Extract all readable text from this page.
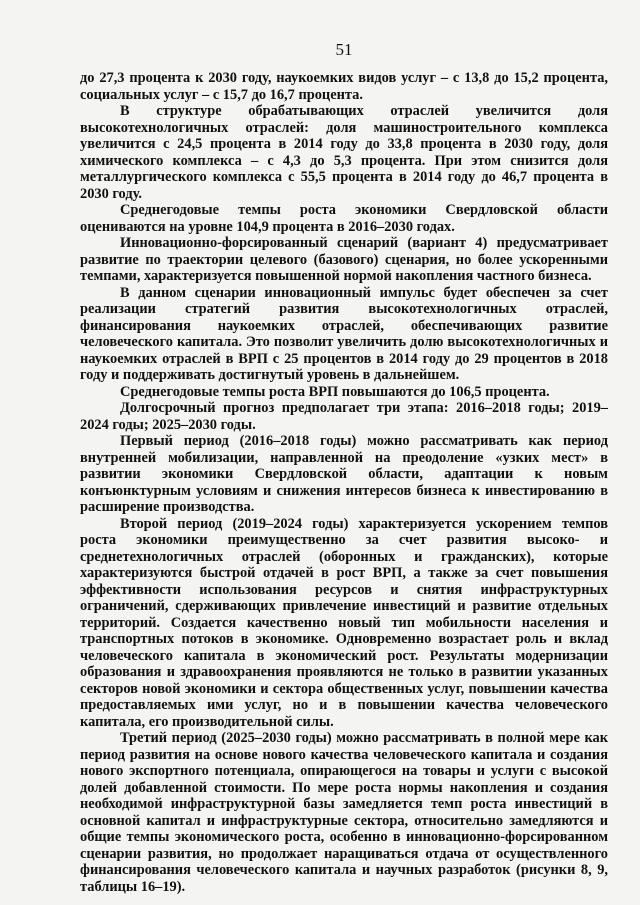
51

до 27,3 процента к 2030 году, наукоемких видов услуг – с 13,8 до 15,2 процента, социальных услуг – с 15,7 до 16,7 процента.

В структуре обрабатывающих отраслей увеличится доля высокотехнологичных отраслей: доля машиностроительного комплекса увеличится с 24,5 процента в 2014 году до 33,8 процента в 2030 году, доля химического комплекса – с 4,3 до 5,3 процента. При этом снизится доля металлургического комплекса с 55,5 процента в 2014 году до 46,7 процента в 2030 году.

Среднегодовые темпы роста экономики Свердловской области оцениваются на уровне 104,9 процента в 2016–2030 годах.

Инновационно-форсированный сценарий (вариант 4) предусматривает развитие по траектории целевого (базового) сценария, но более ускоренными темпами, характеризуется повышенной нормой накопления частного бизнеса.

В данном сценарии инновационный импульс будет обеспечен за счет реализации стратегий развития высокотехнологичных отраслей, финансирования наукоемких отраслей, обеспечивающих развитие человеческого капитала. Это позволит увеличить долю высокотехнологичных и наукоемких отраслей в ВРП с 25 процентов в 2014 году до 29 процентов в 2018 году и поддерживать достигнутый уровень в дальнейшем.

Среднегодовые темпы роста ВРП повышаются до 106,5 процента.

Долгосрочный прогноз предполагает три этапа: 2016–2018 годы; 2019–2024 годы; 2025–2030 годы.

Первый период (2016–2018 годы) можно рассматривать как период внутренней мобилизации, направленной на преодоление «узких мест» в развитии экономики Свердловской области, адаптации к новым конъюнктурным условиям и снижения интересов бизнеса к инвестированию в расширение производства.

Второй период (2019–2024 годы) характеризуется ускорением темпов роста экономики преимущественно за счет развития высоко- и среднетехнологичных отраслей (оборонных и гражданских), которые характеризуются быстрой отдачей в рост ВРП, а также за счет повышения эффективности использования ресурсов и снятия инфраструктурных ограничений, сдерживающих привлечение инвестиций и развитие отдельных территорий. Создается качественно новый тип мобильности населения и транспортных потоков в экономике. Одновременно возрастает роль и вклад человеческого капитала в экономический рост. Результаты модернизации образования и здравоохранения проявляются не только в развитии указанных секторов новой экономики и сектора общественных услуг, повышении качества предоставляемых ими услуг, но и в повышении качества человеческого капитала, его производительной силы.

Третий период (2025–2030 годы) можно рассматривать в полной мере как период развития на основе нового качества человеческого капитала и создания нового экспортного потенциала, опирающегося на товары и услуги с высокой долей добавленной стоимости. По мере роста нормы накопления и создания необходимой инфраструктурной базы замедляется темп роста инвестиций в основной капитал и инфраструктурные сектора, относительно замедляются и общие темпы экономического роста, особенно в инновационно-форсированном сценарии развития, но продолжает наращиваться отдача от осуществленного финансирования человеческого капитала и научных разработок (рисунки 8, 9, таблицы 16–19).
